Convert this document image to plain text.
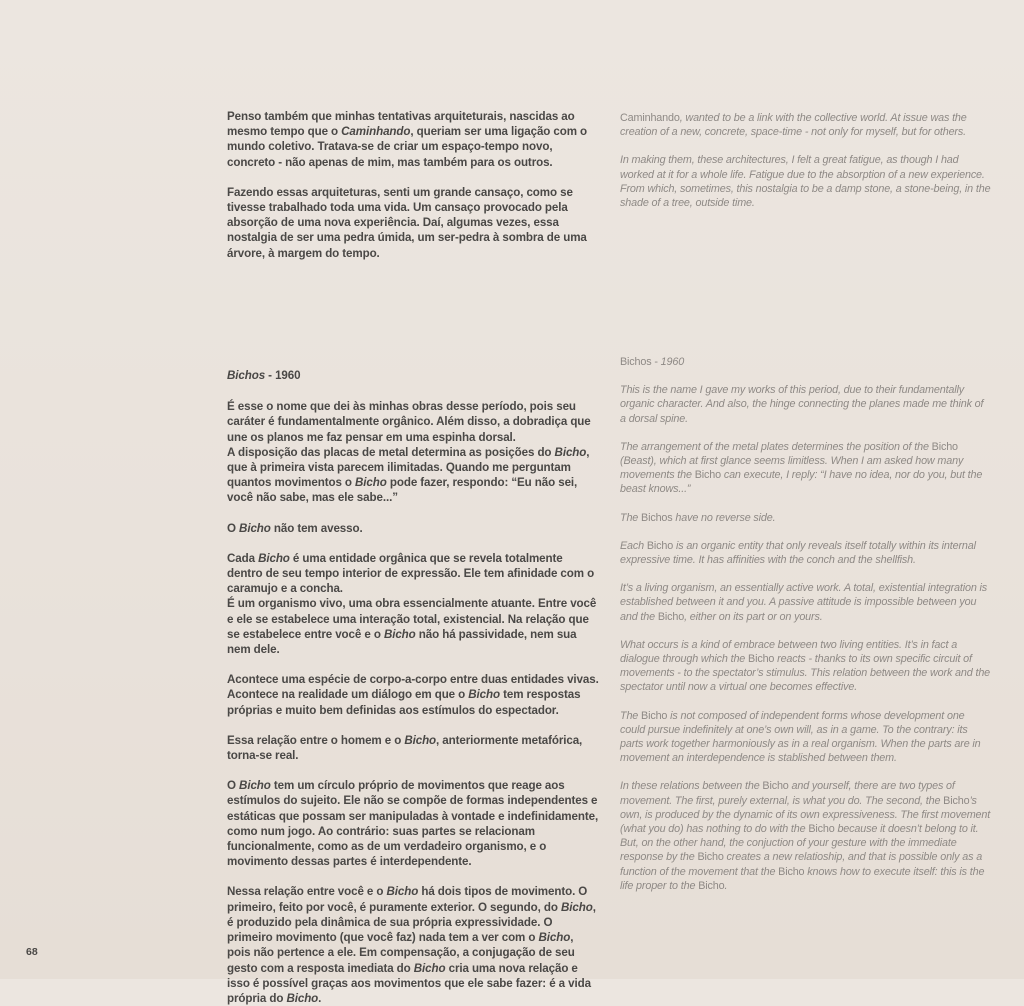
Penso também que minhas tentativas arquiteturais, nascidas ao mesmo tempo que o Caminhando, queriam ser uma ligação com o mundo coletivo. Tratava-se de criar um espaço-tempo novo, concreto - não apenas de mim, mas também para os outros.

Fazendo essas arquiteturas, senti um grande cansaço, como se tivesse trabalhado toda uma vida. Um cansaço provocado pela absorção de uma nova experiência. Daí, algumas vezes, essa nostalgia de ser uma pedra úmida, um ser-pedra à sombra de uma árvore, à margem do tempo.

Caminhando, wanted to be a link with the collective world. At issue was the creation of a new, concrete, space-time - not only for myself, but for others.

In making them, these architectures, I felt a great fatigue, as though I had worked at it for a whole life. Fatigue due to the absorption of a new experience. From which, sometimes, this nostalgia to be a damp stone, a stone-being, in the shade of a tree, outside time.

Bichos - 1960

É esse o nome que dei às minhas obras desse período, pois seu caráter é fundamentalmente orgânico. Além disso, a dobradiça que une os planos me faz pensar em uma espinha dorsal.
A disposição das placas de metal determina as posições do Bicho, que à primeira vista parecem ilimitadas. Quando me perguntam quantos movimentos o Bicho pode fazer, respondo: “Eu não sei, você não sabe, mas ele sabe...”

O Bicho não tem avesso.

Cada Bicho é uma entidade orgânica que se revela totalmente dentro de seu tempo interior de expressão. Ele tem afinidade com o caramujo e a concha.
É um organismo vivo, uma obra essencialmente atuante. Entre você e ele se estabelece uma interação total, existencial. Na relação que se estabelece entre você e o Bicho não há passividade, nem sua nem dele.

Acontece uma espécie de corpo-a-corpo entre duas entidades vivas. Acontece na realidade um diálogo em que o Bicho tem respostas próprias e muito bem definidas aos estímulos do espectador.

Essa relação entre o homem e o Bicho, anteriormente metafórica, torna-se real.

O Bicho tem um círculo próprio de movimentos que reage aos estímulos do sujeito. Ele não se compõe de formas independentes e estáticas que possam ser manipuladas à vontade e indefinidamente, como num jogo. Ao contrário: suas partes se relacionam funcionalmente, como as de um verdadeiro organismo, e o movimento dessas partes é interdependente.

Nessa relação entre você e o Bicho há dois tipos de movimento. O primeiro, feito por você, é puramente exterior. O segundo, do Bicho, é produzido pela dinâmica de sua própria expressividade. O primeiro movimento (que você faz) nada tem a ver com o Bicho, pois não pertence a ele. Em compensação, a conjugação de seu gesto com a resposta imediata do Bicho cria uma nova relação e isso é possível graças aos movimentos que ele sabe fazer: é a vida própria do Bicho.

Bichos - 1960

This is the name I gave my works of this period, due to their fundamentally organic character. And also, the hinge connecting the planes made me think of a dorsal spine.

The arrangement of the metal plates determines the position of the Bicho (Beast), which at first glance seems limitless. When I am asked how many movements the Bicho can execute, I reply: “I have no idea, nor do you, but the beast knows...”

The Bichos have no reverse side.

Each Bicho is an organic entity that only reveals itself totally within its internal expressive time. It has affinities with the conch and the shellfish.

It’s a living organism, an essentially active work. A total, existential integration is established between it and you. A passive attitude is impossible between you and the Bicho, either on its part or on yours.

What occurs is a kind of embrace between two living entities. It’s in fact a dialogue through which the Bicho reacts - thanks to its own specific circuit of movements - to the spectator’s stimulus. This relation between the work and the spectator until now a virtual one becomes effective.

The Bicho is not composed of independent forms whose development one could pursue indefinitely at one’s own will, as in a game. To the contrary: its parts work together harmoniously as in a real organism. When the parts are in movement an interdependence is stablished between them.

In these relations between the Bicho and yourself, there are two types of movement. The first, purely external, is what you do. The second, the Bicho’s own, is produced by the dynamic of its own expressiveness. The first movement (what you do) has nothing to do with the Bicho because it doesn’t belong to it. But, on the other hand, the conjuction of your gesture with the immediate response by the Bicho creates a new relatioship, and that is possible only as a function of the movement that the Bicho knows how to execute itself: this is the life proper to the Bicho.

68
